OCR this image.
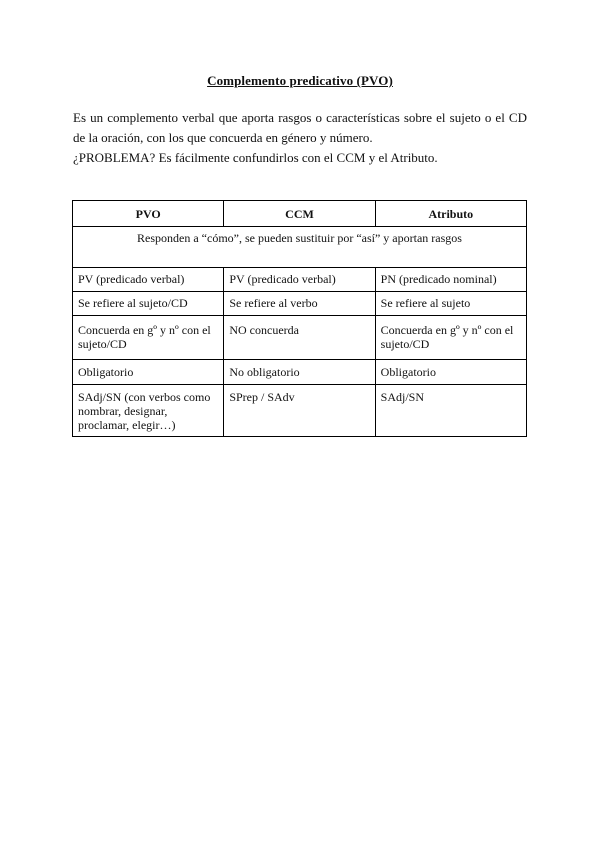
Complemento predicativo (PVO)

Es un complemento verbal que aporta rasgos o características sobre el sujeto o el CD de la oración, con los que concuerda en género y número.

¿PROBLEMA? Es fácilmente confundirlos con el CCM y el Atributo.

PVO	CCM	Atributo
Responden a “cómo”, se pueden sustituir por “así” y aportan rasgos		
PV (predicado verbal)	PV (predicado verbal)	PN (predicado nominal)
Se refiere al sujeto/CD	Se refiere al verbo	Se refiere al sujeto
Concuerda en gº y nº con el sujeto/CD	NO concuerda	Concuerda en gº y nº con el sujeto/CD
Obligatorio	No obligatorio	Obligatorio
SAdj/SN (con verbos como nombrar, designar, proclamar, elegir…)	SPrep / SAdv	SAdj/SN
